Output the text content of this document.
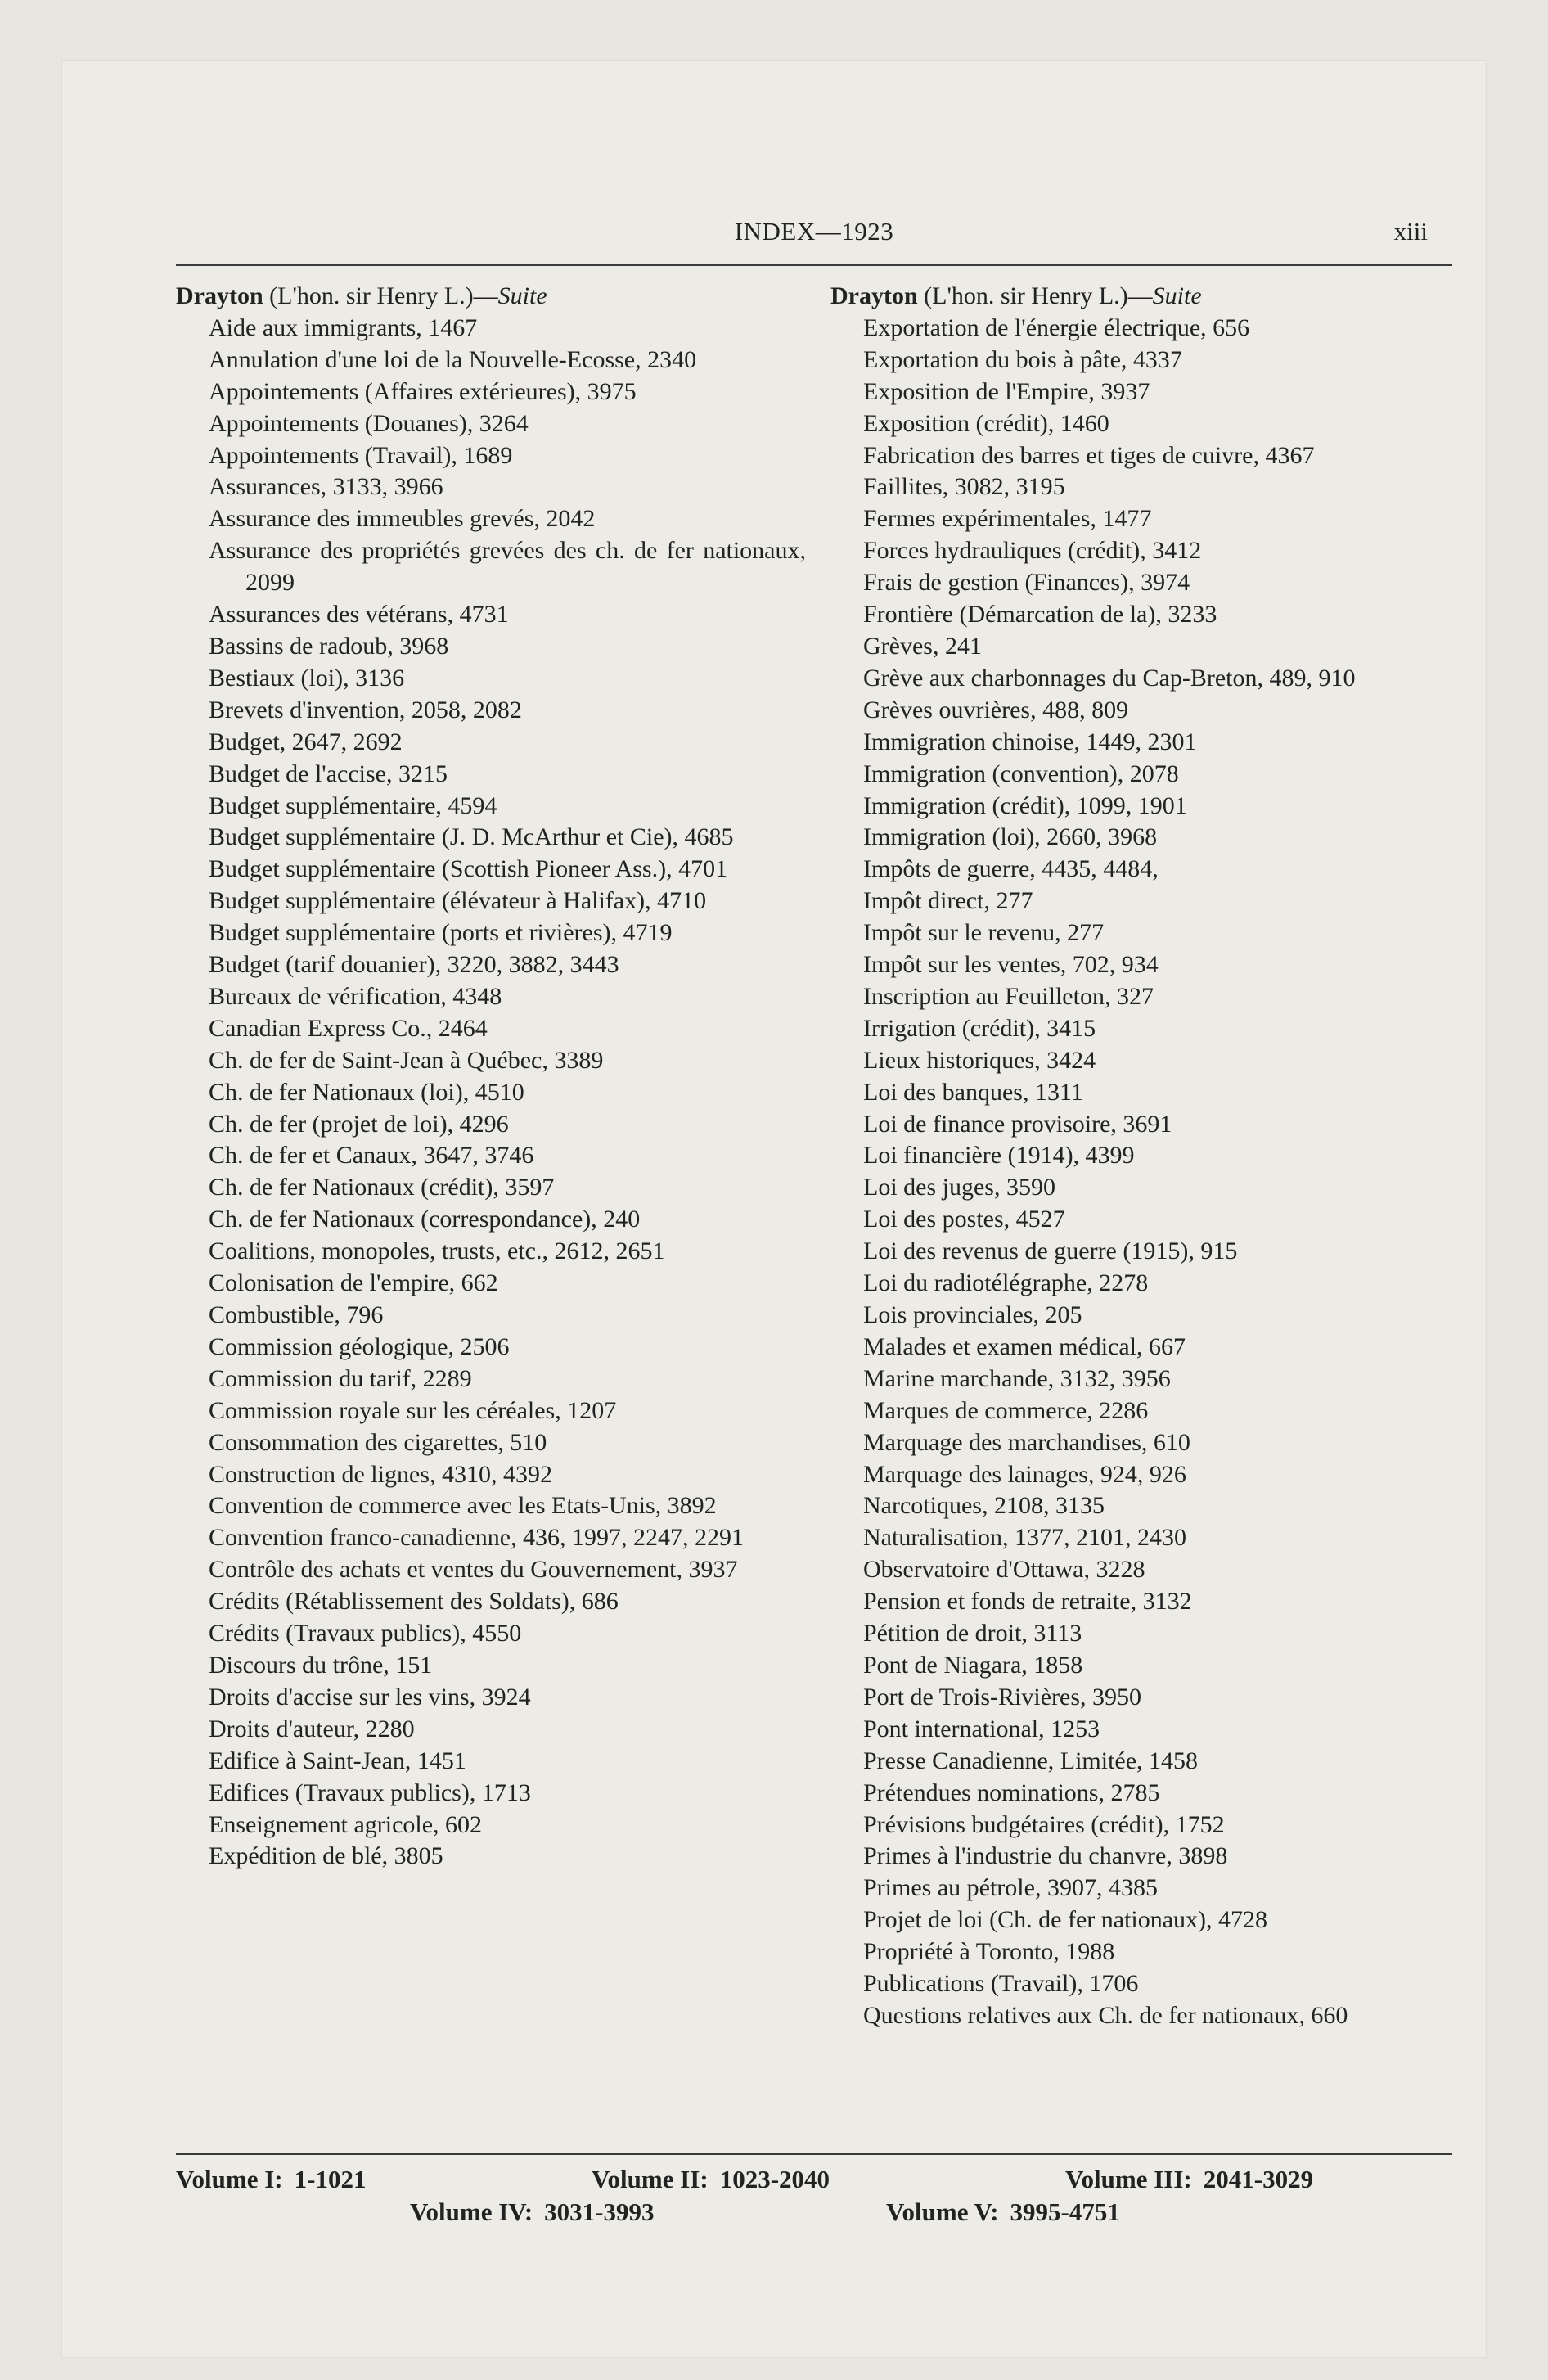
INDEX—1923	xiii
Drayton (L'hon. sir Henry L.)—Suite
Aide aux immigrants, 1467
Annulation d'une loi de la Nouvelle-Ecosse, 2340
Appointements (Affaires extérieures), 3975
Appointements (Douanes), 3264
Appointements (Travail), 1689
Assurances, 3133, 3966
Assurance des immeubles grevés, 2042
Assurance des propriétés grevées des ch. de fer nationaux, 2099
Assurances des vétérans, 4731
Bassins de radoub, 3968
Bestiaux (loi), 3136
Brevets d'invention, 2058, 2082
Budget, 2647, 2692
Budget de l'accise, 3215
Budget supplémentaire, 4594
Budget supplémentaire (J. D. McArthur et Cie), 4685
Budget supplémentaire (Scottish Pioneer Ass.), 4701
Budget supplémentaire (élévateur à Halifax), 4710
Budget supplémentaire (ports et rivières), 4719
Budget (tarif douanier), 3220, 3882, 3443
Bureaux de vérification, 4348
Canadian Express Co., 2464
Ch. de fer de Saint-Jean à Québec, 3389
Ch. de fer Nationaux (loi), 4510
Ch. de fer (projet de loi), 4296
Ch. de fer et Canaux, 3647, 3746
Ch. de fer Nationaux (crédit), 3597
Ch. de fer Nationaux (correspondance), 240
Coalitions, monopoles, trusts, etc., 2612, 2651
Colonisation de l'empire, 662
Combustible, 796
Commission géologique, 2506
Commission du tarif, 2289
Commission royale sur les céréales, 1207
Consommation des cigarettes, 510
Construction de lignes, 4310, 4392
Convention de commerce avec les Etats-Unis, 3892
Convention franco-canadienne, 436, 1997, 2247, 2291
Contrôle des achats et ventes du Gouvernement, 3937
Crédits (Rétablissement des Soldats), 686
Crédits (Travaux publics), 4550
Discours du trône, 151
Droits d'accise sur les vins, 3924
Droits d'auteur, 2280
Edifice à Saint-Jean, 1451
Edifices (Travaux publics), 1713
Enseignement agricole, 602
Expédition de blé, 3805
Drayton (L'hon. sir Henry L.)—Suite
Exportation de l'énergie électrique, 656
Exportation du bois à pâte, 4337
Exposition de l'Empire, 3937
Exposition (crédit), 1460
Fabrication des barres et tiges de cuivre, 4367
Faillites, 3082, 3195
Fermes expérimentales, 1477
Forces hydrauliques (crédit), 3412
Frais de gestion (Finances), 3974
Frontière (Démarcation de la), 3233
Grèves, 241
Grève aux charbonnages du Cap-Breton, 489, 910
Grèves ouvrières, 488, 809
Immigration chinoise, 1449, 2301
Immigration (convention), 2078
Immigration (crédit), 1099, 1901
Immigration (loi), 2660, 3968
Impôts de guerre, 4435, 4484,
Impôt direct, 277
Impôt sur le revenu, 277
Impôt sur les ventes, 702, 934
Inscription au Feuilleton, 327
Irrigation (crédit), 3415
Lieux historiques, 3424
Loi des banques, 1311
Loi de finance provisoire, 3691
Loi financière (1914), 4399
Loi des juges, 3590
Loi des postes, 4527
Loi des revenus de guerre (1915), 915
Loi du radiotélégraphe, 2278
Lois provinciales, 205
Malades et examen médical, 667
Marine marchande, 3132, 3956
Marques de commerce, 2286
Marquage des marchandises, 610
Marquage des lainages, 924, 926
Narcotiques, 2108, 3135
Naturalisation, 1377, 2101, 2430
Observatoire d'Ottawa, 3228
Pension et fonds de retraite, 3132
Pétition de droit, 3113
Pont de Niagara, 1858
Port de Trois-Rivières, 3950
Pont international, 1253
Presse Canadienne, Limitée, 1458
Prétendues nominations, 2785
Prévisions budgétaires (crédit), 1752
Primes à l'industrie du chanvre, 3898
Primes au pétrole, 3907, 4385
Projet de loi (Ch. de fer nationaux), 4728
Propriété à Toronto, 1988
Publications (Travail), 1706
Questions relatives aux Ch. de fer nationaux, 660
Volume I: 1-1021	Volume II: 1023-2040	Volume III: 2041-3029
Volume IV: 3031-3993	Volume V: 3995-4751
